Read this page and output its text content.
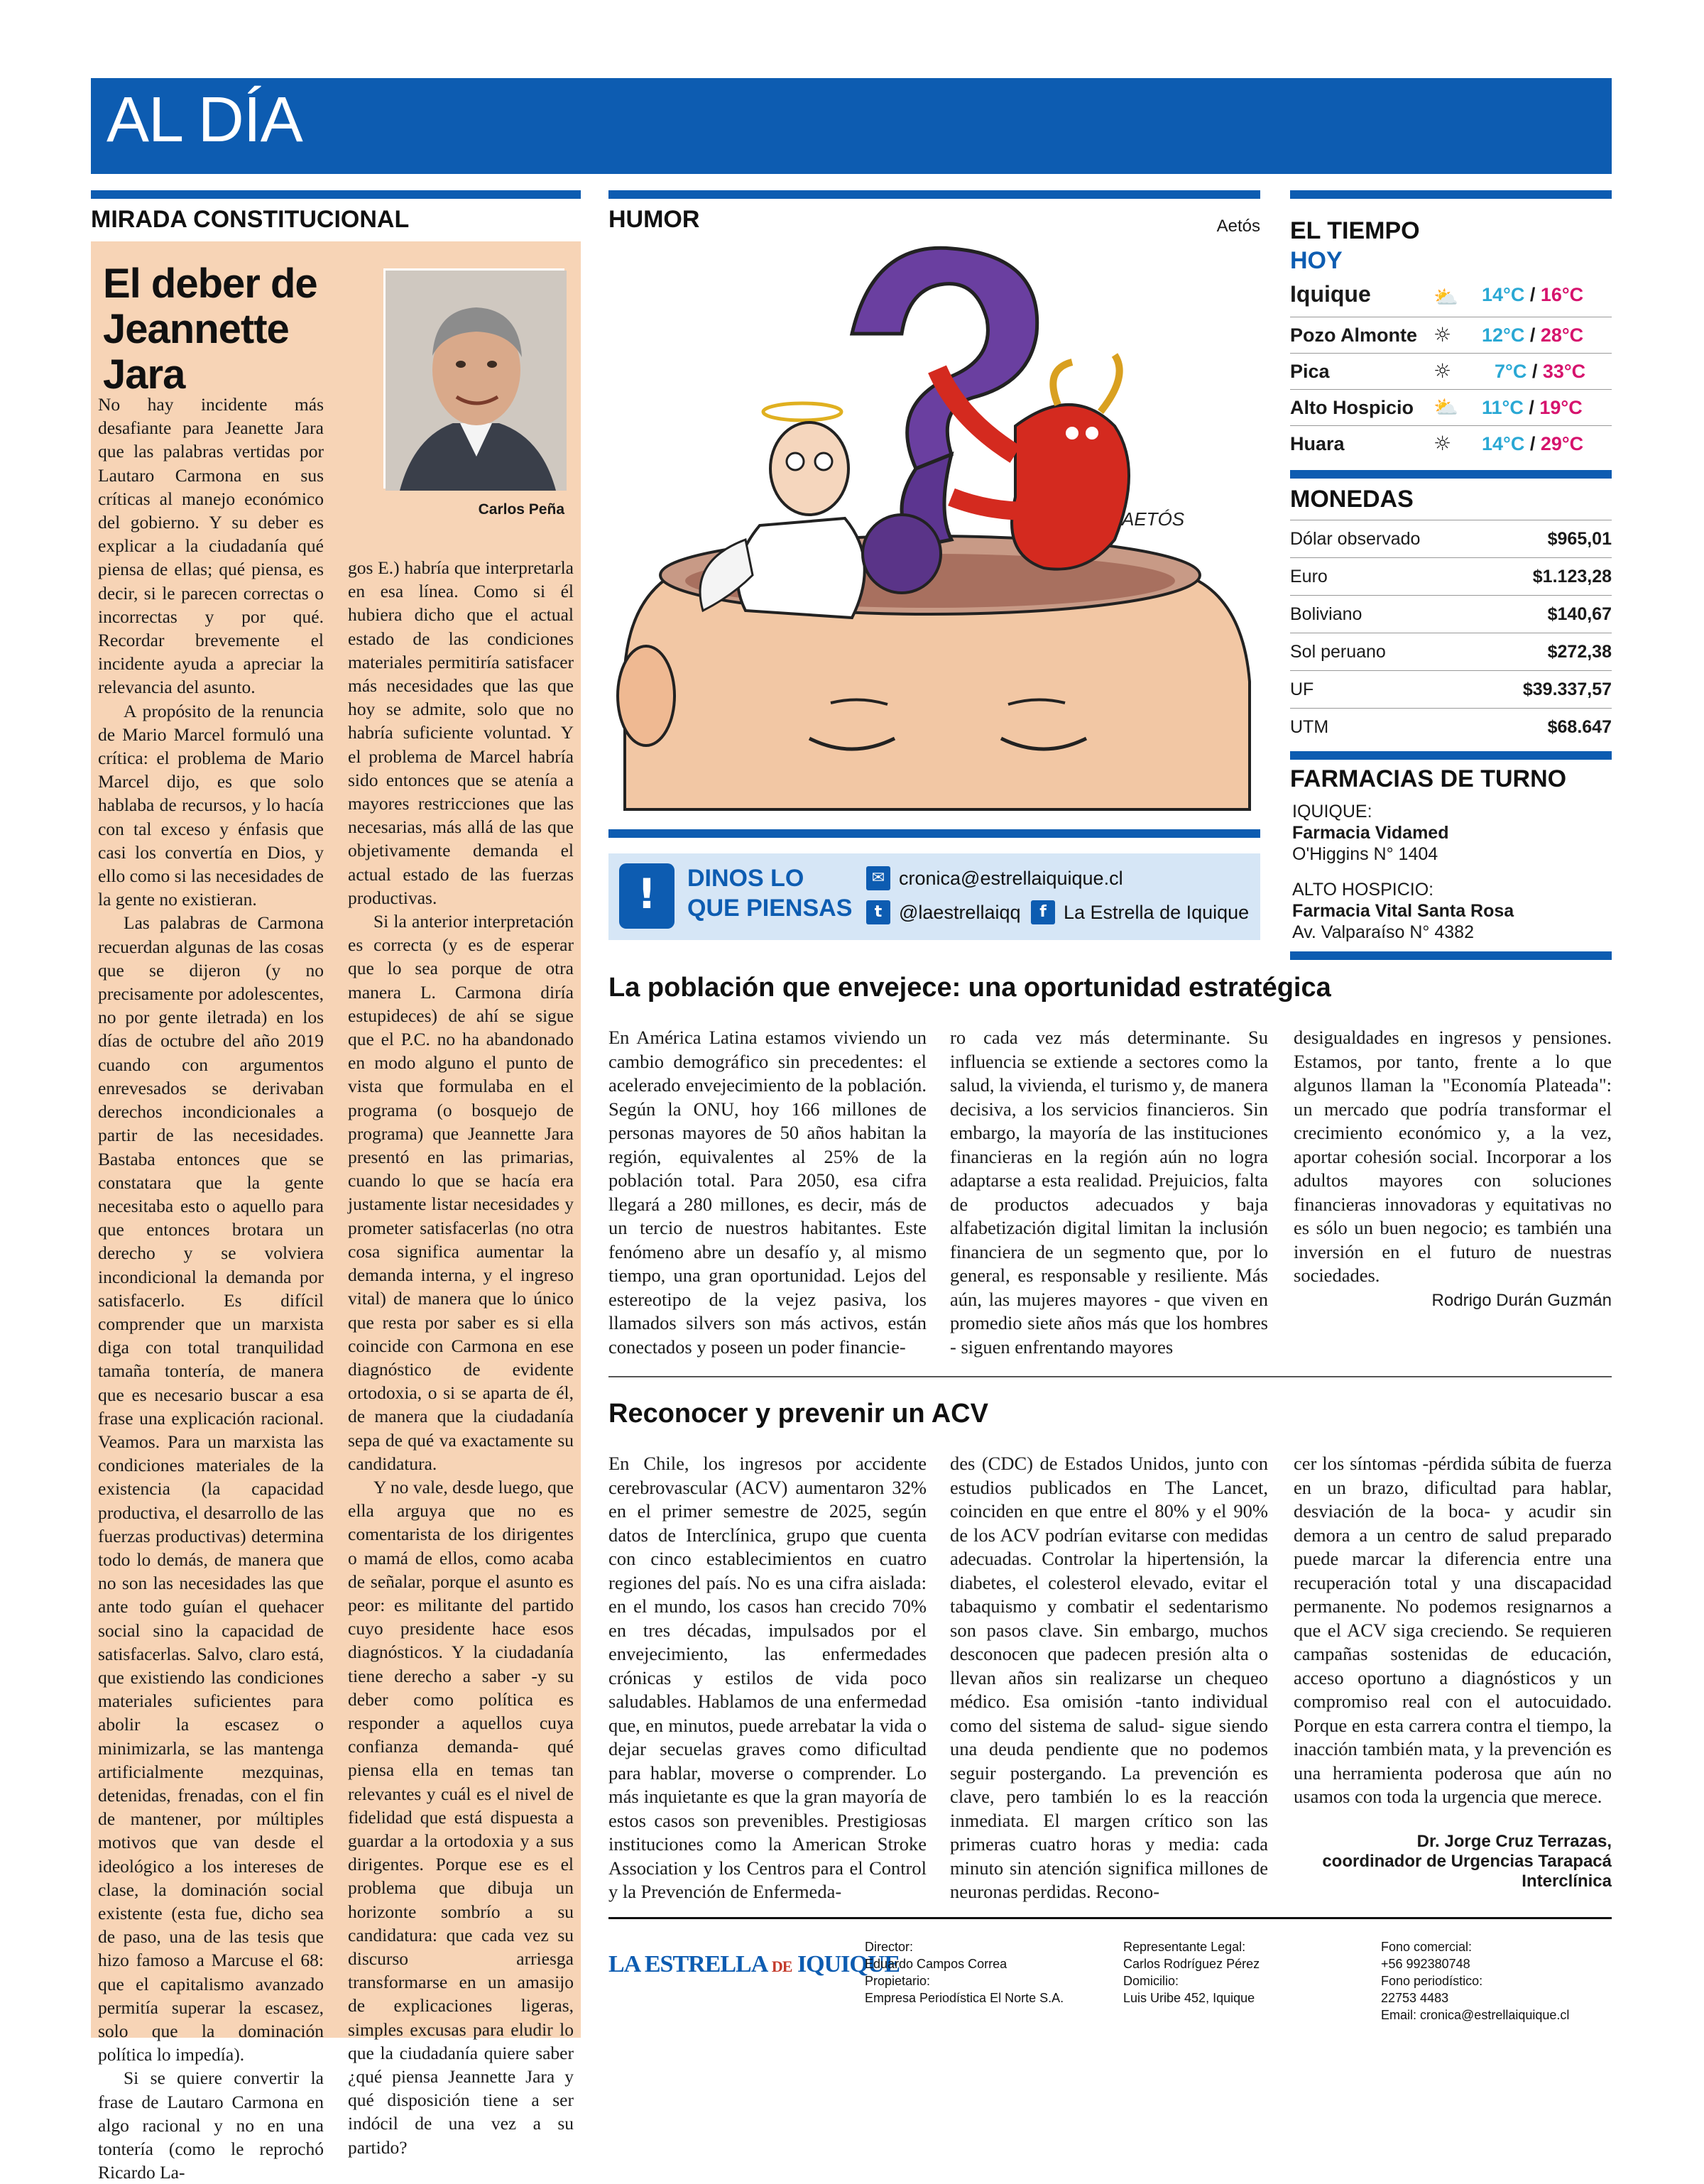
AL DÍA
MIRADA CONSTITUCIONAL
El deber de
Jeannette Jara
Carlos Peña

No hay incidente más desafiante para Jeanette Jara que las palabras vertidas por Lautaro Carmona en sus críticas al manejo económico del gobierno. Y su deber es explicar a la ciudadanía qué piensa de ellas; qué piensa, es decir, si le parecen correctas o incorrectas y por qué. Recordar brevemente el incidente ayuda a apreciar la relevancia del asunto.

A propósito de la renuncia de Mario Marcel formuló una crítica: el problema de Mario Marcel dijo, es que solo hablaba de recursos, y lo hacía con tal exceso y énfasis que casi los convertía en Dios, y ello como si las necesidades de la gente no existieran.

Las palabras de Carmona recuerdan algunas de las cosas que se dijeron (y no precisamente por adolescentes, no por gente iletrada) en los días de octubre del año 2019 cuando con argumentos enrevesados se derivaban derechos incondicionales a partir de las necesidades. Bastaba entonces que se constatara que la gente necesitaba esto o aquello para que entonces brotara un derecho y se volviera incondicional la demanda por satisfacerlo. Es difícil comprender que un marxista diga con total tranquilidad tamaña tontería, de manera que es necesario buscar a esa frase una explicación racional. Veamos. Para un marxista las condiciones materiales de la existencia (la capacidad productiva, el desarrollo de las fuerzas productivas) determina todo lo demás, de manera que no son las necesidades las que ante todo guían el quehacer social sino la capacidad de satisfacerlas. Salvo, claro está, que existiendo las condiciones materiales suficientes para abolir la escasez o minimizarla, se las mantenga artificialmente mezquinas, detenidas, frenadas, con el fin de mantener, por múltiples motivos que van desde el ideológico a los intereses de clase, la dominación social existente (esta fue, dicho sea de paso, una de las tesis que hizo famoso a Marcuse el 68: que el capitalismo avanzado permitía superar la escasez, solo que la dominación política lo impedía).

Si se quiere convertir la frase de Lautaro Carmona en algo racional y no en una tontería (como le reprochó Ricardo La-

gos E.) habría que interpretarla en esa línea. Como si él hubiera dicho que el actual estado de las condiciones materiales permitiría satisfacer más necesidades que las que hoy se admite, solo que no habría suficiente voluntad. Y el problema de Marcel habría sido entonces que se atenía a mayores restricciones que las necesarias, más allá de las que objetivamente demanda el actual estado de las fuerzas productivas.

Si la anterior interpretación es correcta (y es de esperar que lo sea porque de otra manera L. Carmona diría estupideces) de ahí se sigue que el P.C. no ha abandonado en modo alguno el punto de vista que formulaba en el programa (o bosquejo de programa) que Jeannette Jara presentó en las primarias, cuando lo que se hacía era justamente listar necesidades y prometer satisfacerlas (no otra cosa significa aumentar la demanda interna, y el ingreso vital) de manera que lo único que resta por saber es si ella coincide con Carmona en ese diagnóstico de evidente ortodoxia, o si se aparta de él, de manera que la ciudadanía sepa de qué va exactamente su candidatura.

Y no vale, desde luego, que ella arguya que no es comentarista de los dirigentes o mamá de ellos, como acaba de señalar, porque el asunto es peor: es militante del partido cuyo presidente hace esos diagnósticos. Y la ciudadanía tiene derecho a saber -y su deber como política es responder a aquellos cuya confianza demanda- qué piensa ella en temas tan relevantes y cuál es el nivel de fidelidad que está dispuesta a guardar a la ortodoxia y a sus dirigentes. Porque ese es el problema que dibuja un horizonte sombrío a su candidatura: que cada vez su discurso arriesga transformarse en un amasijo de explicaciones ligeras, simples excusas para eludir lo que la ciudadanía quiere saber ¿qué piensa Jeannette Jara y qué disposición tiene a ser indócil de una vez a su partido?

HUMOR	Aetós
AETÓS
!	DINOS LO
QUE PIENSAS
✉ cronica@estrellaiquique.cl
t @laestrellaiqq	f La Estrella de Iquique
EL TIEMPO
HOY
Iquique	⛅ 14°C / 16°C
Pozo Almonte ☼ 12°C / 28°C
Pica	☼ 7°C / 33°C
Alto Hospicio ⛅ 11°C / 19°C
Huara	☼ 14°C / 29°C
MONEDAS
Dólar observado	$965,01
Euro	$1.123,28
Boliviano	$140,67
Sol peruano	$272,38
UF	$39.337,57
UTM	$68.647
FARMACIAS DE TURNO
IQUIQUE:
Farmacia Vidamed
O'Higgins N° 1404
ALTO HOSPICIO:
Farmacia Vital Santa Rosa
Av. Valparaíso N° 4382
La población que envejece: una oportunidad estratégica
En América Latina estamos viviendo un cambio demográfico sin precedentes: el acelerado envejecimiento de la población. Según la ONU, hoy 166 millones de personas mayores de 50 años habitan la región, equivalentes al 25% de la población total. Para 2050, esa cifra llegará a 280 millones, es decir, más de un tercio de nuestros habitantes. Este fenómeno abre un desafío y, al mismo tiempo, una gran oportunidad. Lejos del estereotipo de la vejez pasiva, los llamados silvers son más activos, están conectados y poseen un poder financie-
ro cada vez más determinante. Su influencia se extiende a sectores como la salud, la vivienda, el turismo y, de manera decisiva, a los servicios financieros. Sin embargo, la mayoría de las instituciones financieras en la región aún no logra adaptarse a esta realidad. Prejuicios, falta de productos adecuados y baja alfabetización digital limitan la inclusión financiera de un segmento que, por lo general, es responsable y resiliente. Más aún, las mujeres mayores - que viven en promedio siete años más que los hombres - siguen enfrentando mayores
desigualdades en ingresos y pensiones. Estamos, por tanto, frente a lo que algunos llaman la "Economía Plateada": un mercado que podría transformar el crecimiento económico y, a la vez, aportar cohesión social. Incorporar a los adultos mayores con soluciones financieras innovadoras y equitativas no es sólo un buen negocio; es también una inversión en el futuro de nuestras sociedades.
Rodrigo Durán Guzmán
Reconocer y prevenir un ACV
En Chile, los ingresos por accidente cerebrovascular (ACV) aumentaron 32% en el primer semestre de 2025, según datos de Interclínica, grupo que cuenta con cinco establecimientos en cuatro regiones del país. No es una cifra aislada: en el mundo, los casos han crecido 70% en tres décadas, impulsados por el envejecimiento, las enfermedades crónicas y estilos de vida poco saludables. Hablamos de una enfermedad que, en minutos, puede arrebatar la vida o dejar secuelas graves como dificultad para hablar, moverse o comprender. Lo más inquietante es que la gran mayoría de estos casos son prevenibles. Prestigiosas instituciones como la American Stroke Association y los Centros para el Control y la Prevención de Enfermeda-
des (CDC) de Estados Unidos, junto con estudios publicados en The Lancet, coinciden en que entre el 80% y el 90% de los ACV podrían evitarse con medidas adecuadas. Controlar la hipertensión, la diabetes, el colesterol elevado, evitar el tabaquismo y combatir el sedentarismo son pasos clave. Sin embargo, muchos desconocen que padecen presión alta o llevan años sin realizarse un chequeo médico. Esa omisión -tanto individual como del sistema de salud- sigue siendo una deuda pendiente que no podemos seguir postergando. La prevención es clave, pero también lo es la reacción inmediata. El margen crítico son las primeras cuatro horas y media: cada minuto sin atención significa millones de neuronas perdidas. Recono-
cer los síntomas -pérdida súbita de fuerza en un brazo, dificultad para hablar, desviación de la boca- y acudir sin demora a un centro de salud preparado puede marcar la diferencia entre una recuperación total y una discapacidad permanente. No podemos resignarnos a que el ACV siga creciendo. Se requieren campañas sostenidas de educación, acceso oportuno a diagnósticos y un compromiso real con el autocuidado. Porque en esta carrera contra el tiempo, la inacción también mata, y la prevención es una herramienta poderosa que aún no usamos con toda la urgencia que merece.
Dr. Jorge Cruz Terrazas,
coordinador de Urgencias Tarapacá
Interclínica
LA ESTRELLA DE IQUIQUE
Director:
Eduardo Campos Correa
Propietario:
Empresa Periodística El Norte S.A.
Representante Legal:
Carlos Rodríguez Pérez
Domicilio:
Luis Uribe 452, Iquique
Fono comercial:
+56 992380748
Fono periodístico:
22753 4483
Email: cronica@estrellaiquique.cl
